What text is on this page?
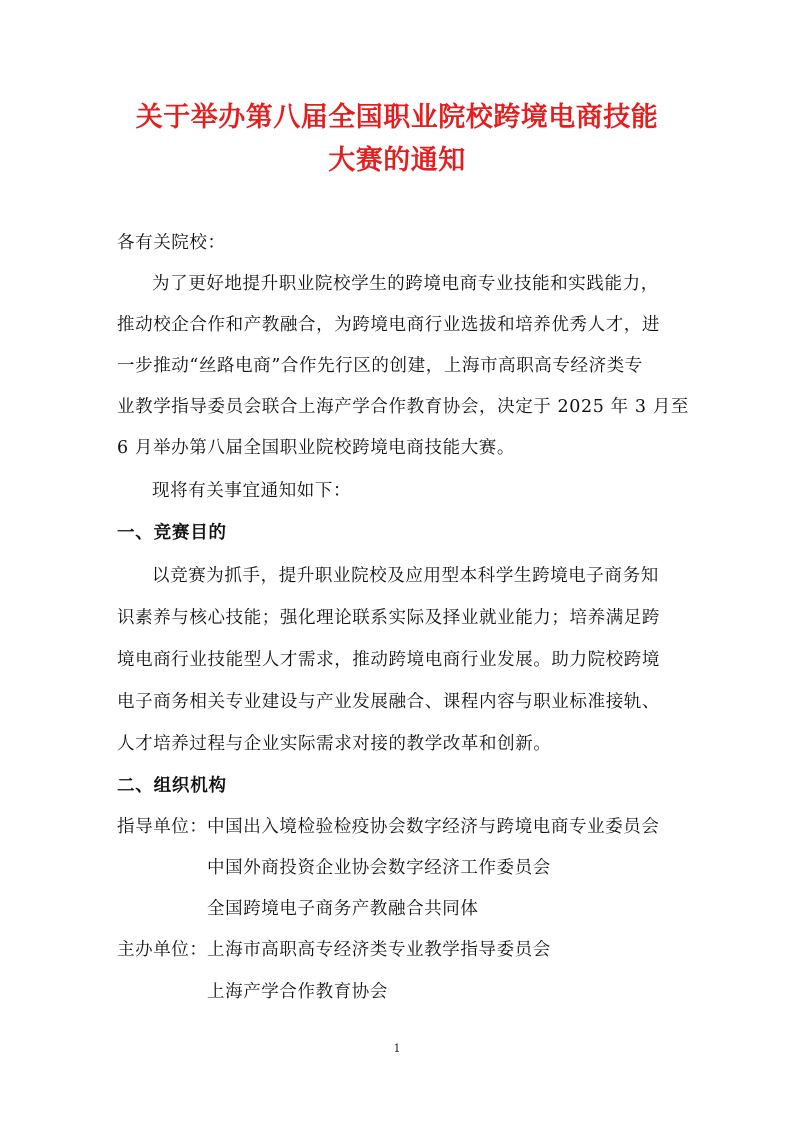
关于举办第八届全国职业院校跨境电商技能
大赛的通知
各有关院校：
为了更好地提升职业院校学生的跨境电商专业技能和实践能力，
推动校企合作和产教融合，为跨境电商行业选拔和培养优秀人才，进
一步推动“丝路电商”合作先行区的创建，上海市高职高专经济类专
业教学指导委员会联合上海产学合作教育协会，决定于 2025 年 3 月至
6 月举办第八届全国职业院校跨境电商技能大赛。
现将有关事宜通知如下：
一、竞赛目的
以竞赛为抓手，提升职业院校及应用型本科学生跨境电子商务知
识素养与核心技能；强化理论联系实际及择业就业能力；培养满足跨
境电商行业技能型人才需求，推动跨境电商行业发展。助力院校跨境
电子商务相关专业建设与产业发展融合、课程内容与职业标准接轨、
人才培养过程与企业实际需求对接的教学改革和创新。
二、组织机构
指导单位： 中国出入境检验检疫协会数字经济与跨境电商专业委员会
中国外商投资企业协会数字经济工作委员会
全国跨境电子商务产教融合共同体
主办单位： 上海市高职高专经济类专业教学指导委员会
上海产学合作教育协会
1
